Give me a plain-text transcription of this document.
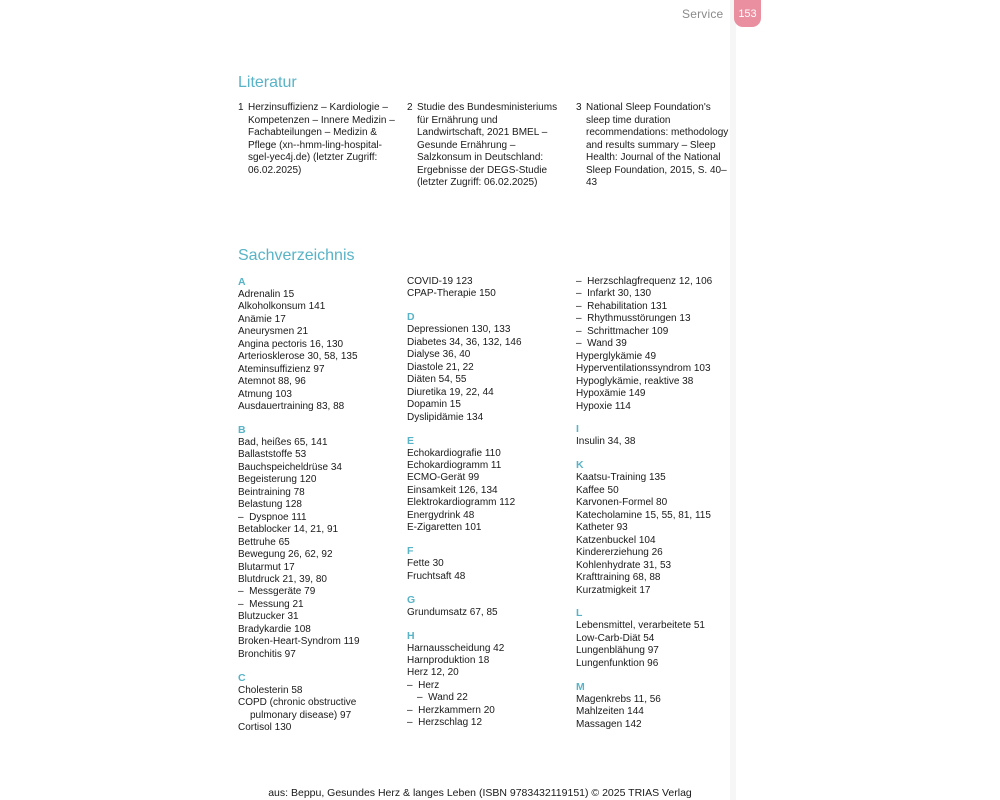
Service	153
Literatur
1 Herzinsuffizienz – Kardiologie – Kompetenzen – Innere Medizin – Fachabteilungen – Medizin & Pflege (xn--hmm-ling-hospital-sgel-yec4j.de) (letzter Zugriff: 06.02.2025)
2 Studie des Bundesministeriums für Ernährung und Landwirtschaft, 2021 BMEL – Gesunde Ernährung – Salzkonsum in Deutschland: Ergebnisse der DEGS-Studie (letzter Zugriff: 06.02.2025)
3 National Sleep Foundation's sleep time duration recommendations: methodology and results summary – Sleep Health: Journal of the National Sleep Foundation, 2015, S. 40–43
Sachverzeichnis
A
Adrenalin 15
Alkoholkonsum 141
Anämie 17
Aneurysmen 21
Angina pectoris 16, 130
Arteriosklerose 30, 58, 135
Ateminsuffizienz 97
Atemnot 88, 96
Atmung 103
Ausdauertraining 83, 88
B
Bad, heißes 65, 141
Ballaststoffe 53
Bauchspeicheldrüse 34
Begeisterung 120
Beintraining 78
Belastung 128
–  Dyspnoe 111
Betablocker 14, 21, 91
Bettruhe 65
Bewegung 26, 62, 92
Blutarmut 17
Blutdruck 21, 39, 80
–  Messgeräte 79
–  Messung 21
Blutzucker 31
Bradykardie 108
Broken-Heart-Syndrom 119
Bronchitis 97
C
Cholesterin 58
COPD (chronic obstructive
pulmonary disease) 97
Cortisol 130
COVID-19 123
CPAP-Therapie 150
D
Depressionen 130, 133
Diabetes 34, 36, 132, 146
Dialyse 36, 40
Diastole 21, 22
Diäten 54, 55
Diuretika 19, 22, 44
Dopamin 15
Dyslipidämie 134
E
Echokardiografie 110
Echokardiogramm 11
ECMO-Gerät 99
Einsamkeit 126, 134
Elektrokardiogramm 112
Energydrink 48
E-Zigaretten 101
F
Fette 30
Fruchtsaft 48
G
Grundumsatz 67, 85
H
Harnausscheidung 42
Harnproduktion 18
Herz 12, 20
–  Herz
–  Wand 22
–  Herzkammern 20
–  Herzschlag 12
–  Herzschlagfrequenz 12, 106
–  Infarkt 30, 130
–  Rehabilitation 131
–  Rhythmusstörungen 13
–  Schrittmacher 109
–  Wand 39
Hyperglykämie 49
Hyperventilationssyndrom 103
Hypoglykämie, reaktive 38
Hypoxämie 149
Hypoxie 114
I
Insulin 34, 38
K
Kaatsu-Training 135
Kaffee 50
Karvonen-Formel 80
Katecholamine 15, 55, 81, 115
Katheter 93
Katzenbuckel 104
Kindererziehung 26
Kohlenhydrate 31, 53
Krafttraining 68, 88
Kurzatmigkeit 17
L
Lebensmittel, verarbeitete 51
Low-Carb-Diät 54
Lungenblähung 97
Lungenfunktion 96
M
Magenkrebs 11, 56
Mahlzeiten 144
Massagen 142
aus: Beppu, Gesundes Herz & langes Leben (ISBN 9783432119151) © 2025 TRIAS Verlag
